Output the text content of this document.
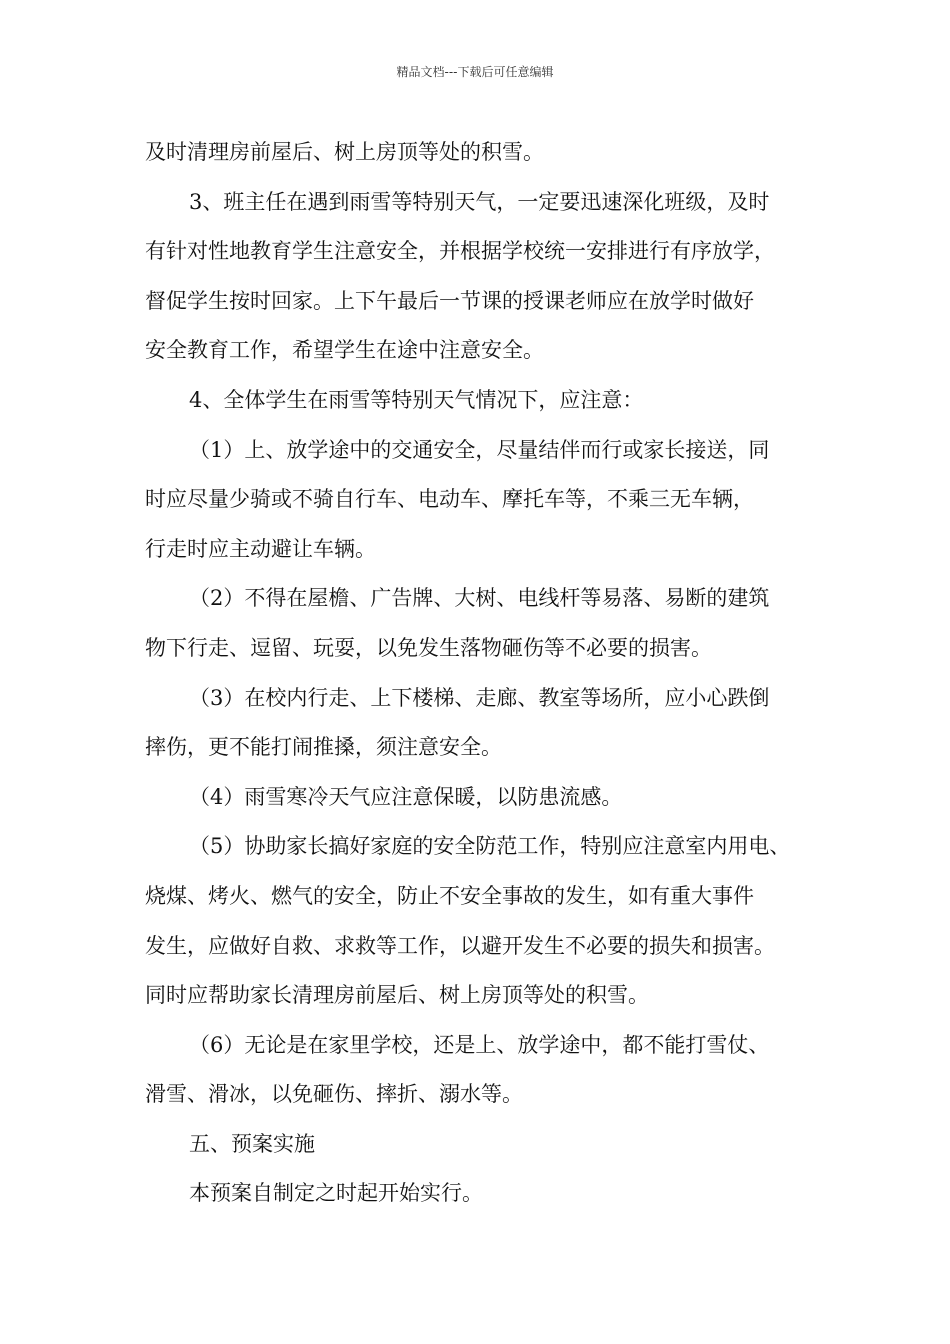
精品文档---下载后可任意编辑
及时清理房前屋后、树上房顶等处的积雪。
3、班主任在遇到雨雪等特别天气，一定要迅速深化班级，及时
有针对性地教育学生注意安全，并根据学校统一安排进行有序放学，
督促学生按时回家。上下午最后一节课的授课老师应在放学时做好
安全教育工作，希望学生在途中注意安全。
4、全体学生在雨雪等特别天气情况下，应注意：
（1）上、放学途中的交通安全，尽量结伴而行或家长接送，同
时应尽量少骑或不骑自行车、电动车、摩托车等，不乘三无车辆，
行走时应主动避让车辆。
（2）不得在屋檐、广告牌、大树、电线杆等易落、易断的建筑
物下行走、逗留、玩耍，以免发生落物砸伤等不必要的损害。
（3）在校内行走、上下楼梯、走廊、教室等场所，应小心跌倒
摔伤，更不能打闹推搡，须注意安全。
（4）雨雪寒冷天气应注意保暖，以防患流感。
（5）协助家长搞好家庭的安全防范工作，特别应注意室内用电、
烧煤、烤火、燃气的安全，防止不安全事故的发生，如有重大事件
发生，应做好自救、求救等工作，以避开发生不必要的损失和损害。
同时应帮助家长清理房前屋后、树上房顶等处的积雪。
（6）无论是在家里学校，还是上、放学途中，都不能打雪仗、
滑雪、滑冰，以免砸伤、摔折、溺水等。
五、预案实施
本预案自制定之时起开始实行。
